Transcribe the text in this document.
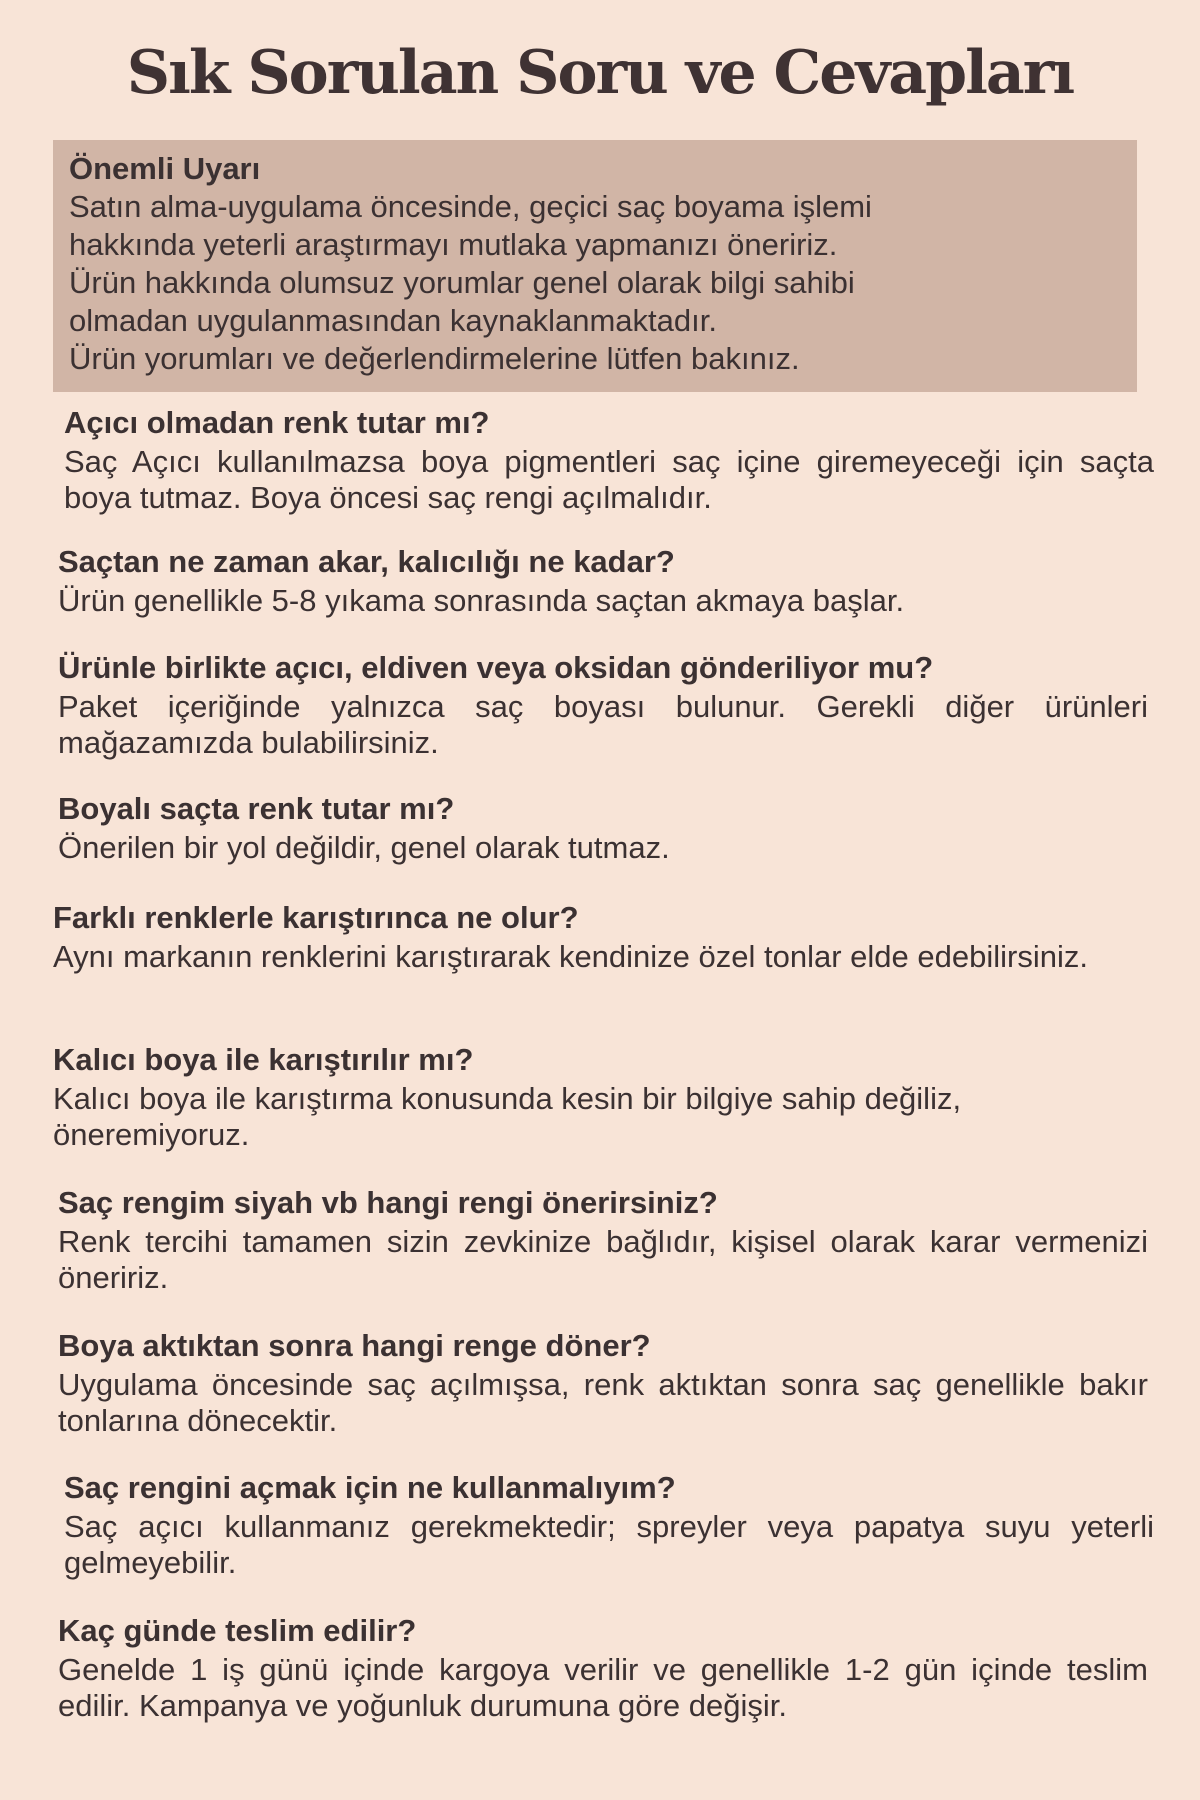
Sık Sorulan Soru ve Cevapları
Önemli Uyarı
Satın alma-uygulama öncesinde, geçici saç boyama işlemi
hakkında yeterli araştırmayı mutlaka yapmanızı öneririz.
Ürün hakkında olumsuz yorumlar genel olarak bilgi sahibi
olmadan uygulanmasından kaynaklanmaktadır.
Ürün yorumları ve değerlendirmelerine lütfen bakınız.
Açıcı olmadan renk tutar mı?
Saç Açıcı kullanılmazsa boya pigmentleri saç içine giremeyeceği için saçta boya tutmaz. Boya öncesi saç rengi açılmalıdır.
Saçtan ne zaman akar, kalıcılığı ne kadar?
Ürün genellikle 5-8 yıkama sonrasında saçtan akmaya başlar.
Ürünle birlikte açıcı, eldiven veya oksidan gönderiliyor mu?
Paket içeriğinde yalnızca saç boyası bulunur. Gerekli diğer ürünleri mağazamızda bulabilirsiniz.
Boyalı saçta renk tutar mı?
Önerilen bir yol değildir, genel olarak tutmaz.
Farklı renklerle karıştırınca ne olur?
Aynı markanın renklerini karıştırarak kendinize özel tonlar elde edebilirsiniz.
Kalıcı boya ile karıştırılır mı?
Kalıcı boya ile karıştırma konusunda kesin bir bilgiye sahip değiliz, öneremiyoruz.
Saç rengim siyah vb hangi rengi önerirsiniz?
Renk tercihi tamamen sizin zevkinize bağlıdır, kişisel olarak karar vermenizi öneririz.
Boya aktıktan sonra hangi renge döner?
Uygulama öncesinde saç açılmışsa, renk aktıktan sonra saç genellikle bakır tonlarına dönecektir.
Saç rengini açmak için ne kullanmalıyım?
Saç açıcı kullanmanız gerekmektedir; spreyler veya papatya suyu yeterli gelmeyebilir.
Kaç günde teslim edilir?
Genelde 1 iş günü içinde kargoya verilir ve genellikle 1-2 gün içinde teslim edilir. Kampanya ve yoğunluk durumuna göre değişir.
